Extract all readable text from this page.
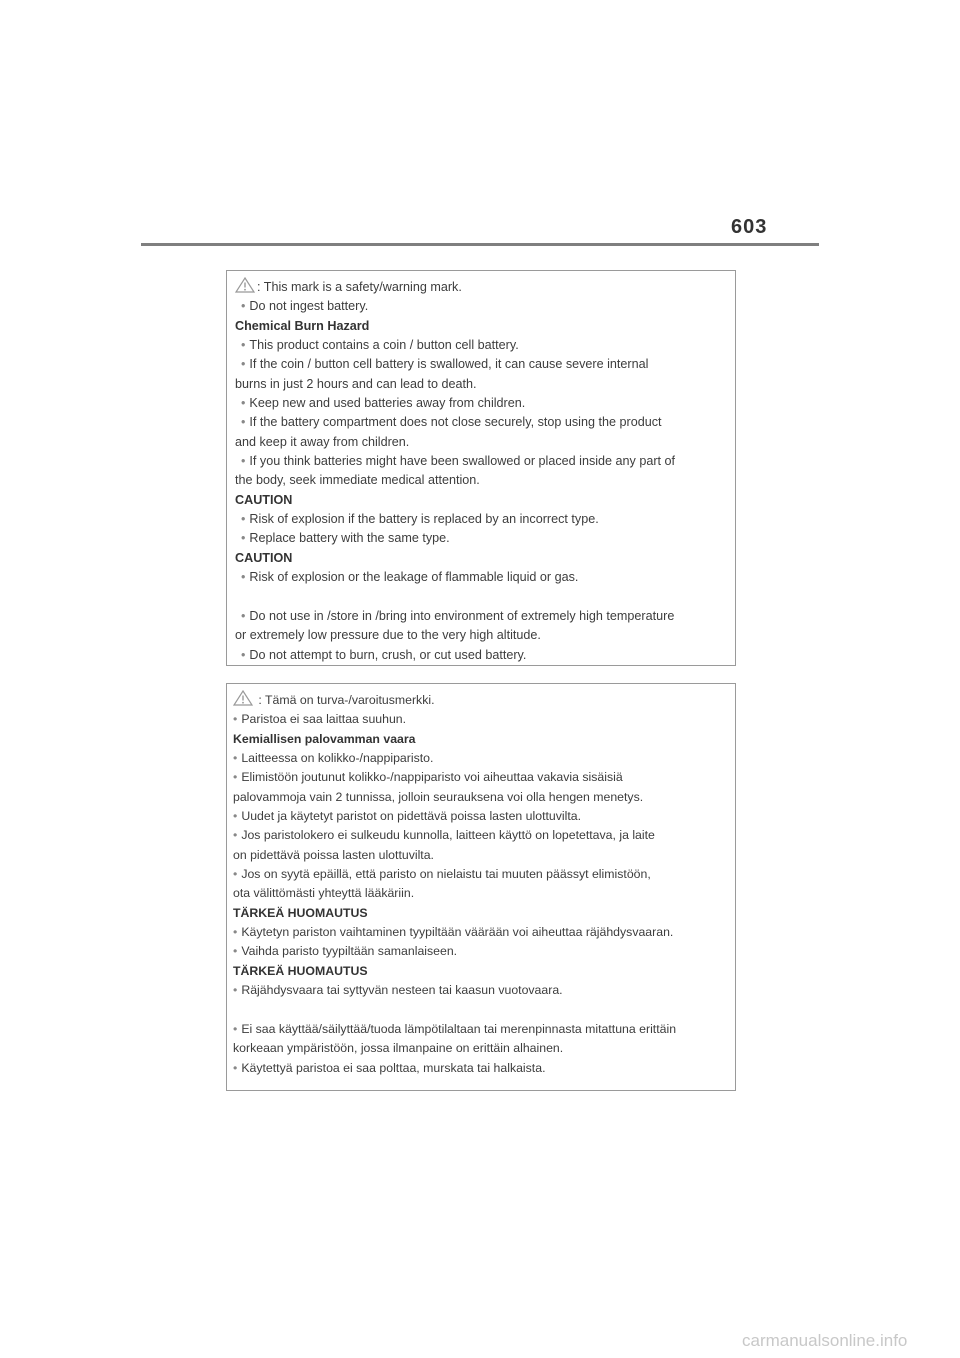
603
: This mark is a safety/warning mark.
• Do not ingest battery.
Chemical Burn Hazard
• This product contains a coin / button cell battery.
• If the coin / button cell battery is swallowed, it can cause severe internal
burns in just 2 hours and can lead to death.
• Keep new and used batteries away from children.
• If the battery compartment does not close securely, stop using the product
and keep it away from children.
• If you think batteries might have been swallowed or placed inside any part of
the body, seek immediate medical attention.
CAUTION
• Risk of explosion if the battery is replaced by an incorrect type.
• Replace battery with the same type.
CAUTION
• Risk of explosion or the leakage of flammable liquid or gas.
• Do not use in /store in /bring into environment of extremely high temperature
or extremely low pressure due to the very high altitude.
• Do not attempt to burn, crush, or cut used battery.
: Tämä on turva-/varoitusmerkki.
• Paristoa ei saa laittaa suuhun.
Kemiallisen palovamman vaara
• Laitteessa on kolikko-/nappiparisto.
• Elimistöön joutunut kolikko-/nappiparisto voi aiheuttaa vakavia sisäisiä
palovammoja vain 2 tunnissa, jolloin seurauksena voi olla hengen menetys.
• Uudet ja käytetyt paristot on pidettävä poissa lasten ulottuvilta.
• Jos paristolokero ei sulkeudu kunnolla, laitteen käyttö on lopetettava, ja laite
on pidettävä poissa lasten ulottuvilta.
• Jos on syytä epäillä, että paristo on nielaistu tai muuten päässyt elimistöön,
ota välittömästi yhteyttä lääkäriin.
TÄRKEÄ HUOMAUTUS
• Käytetyn pariston vaihtaminen tyypiltään väärään voi aiheuttaa räjähdysvaaran.
• Vaihda paristo tyypiltään samanlaiseen.
TÄRKEÄ HUOMAUTUS
• Räjähdysvaara tai syttyvän nesteen tai kaasun vuotovaara.
• Ei saa käyttää/säilyttää/tuoda lämpötilaltaan tai merenpinnasta mitattuna erittäin
korkeaan ympäristöön, jossa ilmanpaine on erittäin alhainen.
• Käytettyä paristoa ei saa polttaa, murskata tai halkaista.
carmanualsonline.info
